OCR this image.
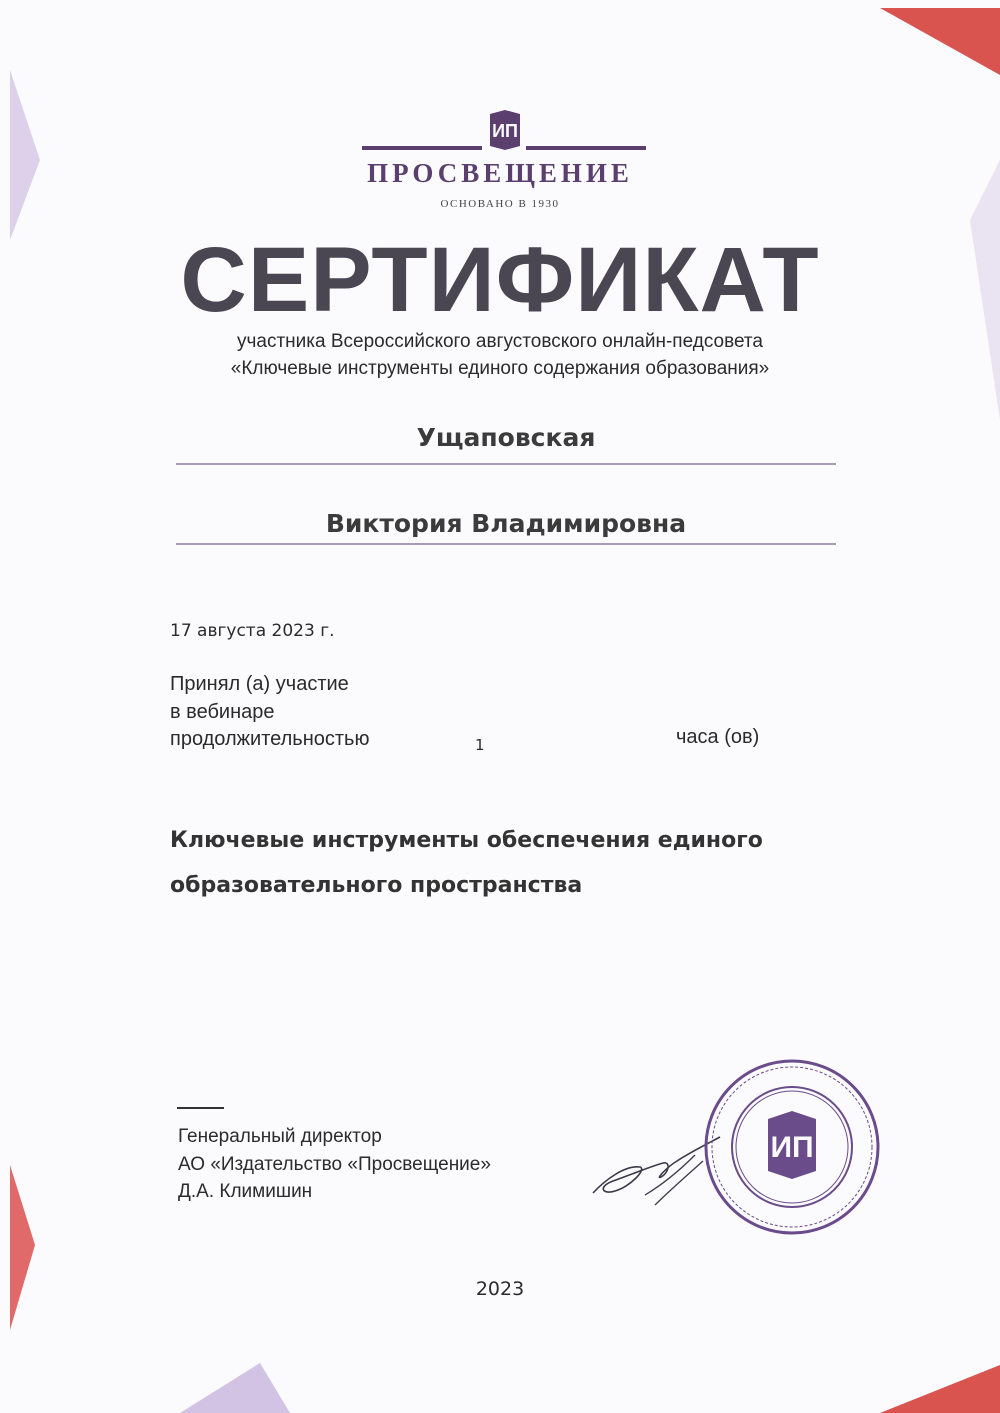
ИП
ПРОСВЕЩЕНИЕ
ОСНОВАНО В 1930
СЕРТИФИКАТ
участника Всероссийского августовского онлайн-педсовета
«Ключевые инструменты единого содержания образования»
Ущаповская
Виктория Владимировна
17 августа 2023 г.
Принял (а) участие
в вебинаре
продолжительностью	1	часа (ов)
Ключевые инструменты обеспечения единого
образовательного пространства
Генеральный директор
АО «Издательство «Просвещение»
Д.А. Климишин
ИП
2023
